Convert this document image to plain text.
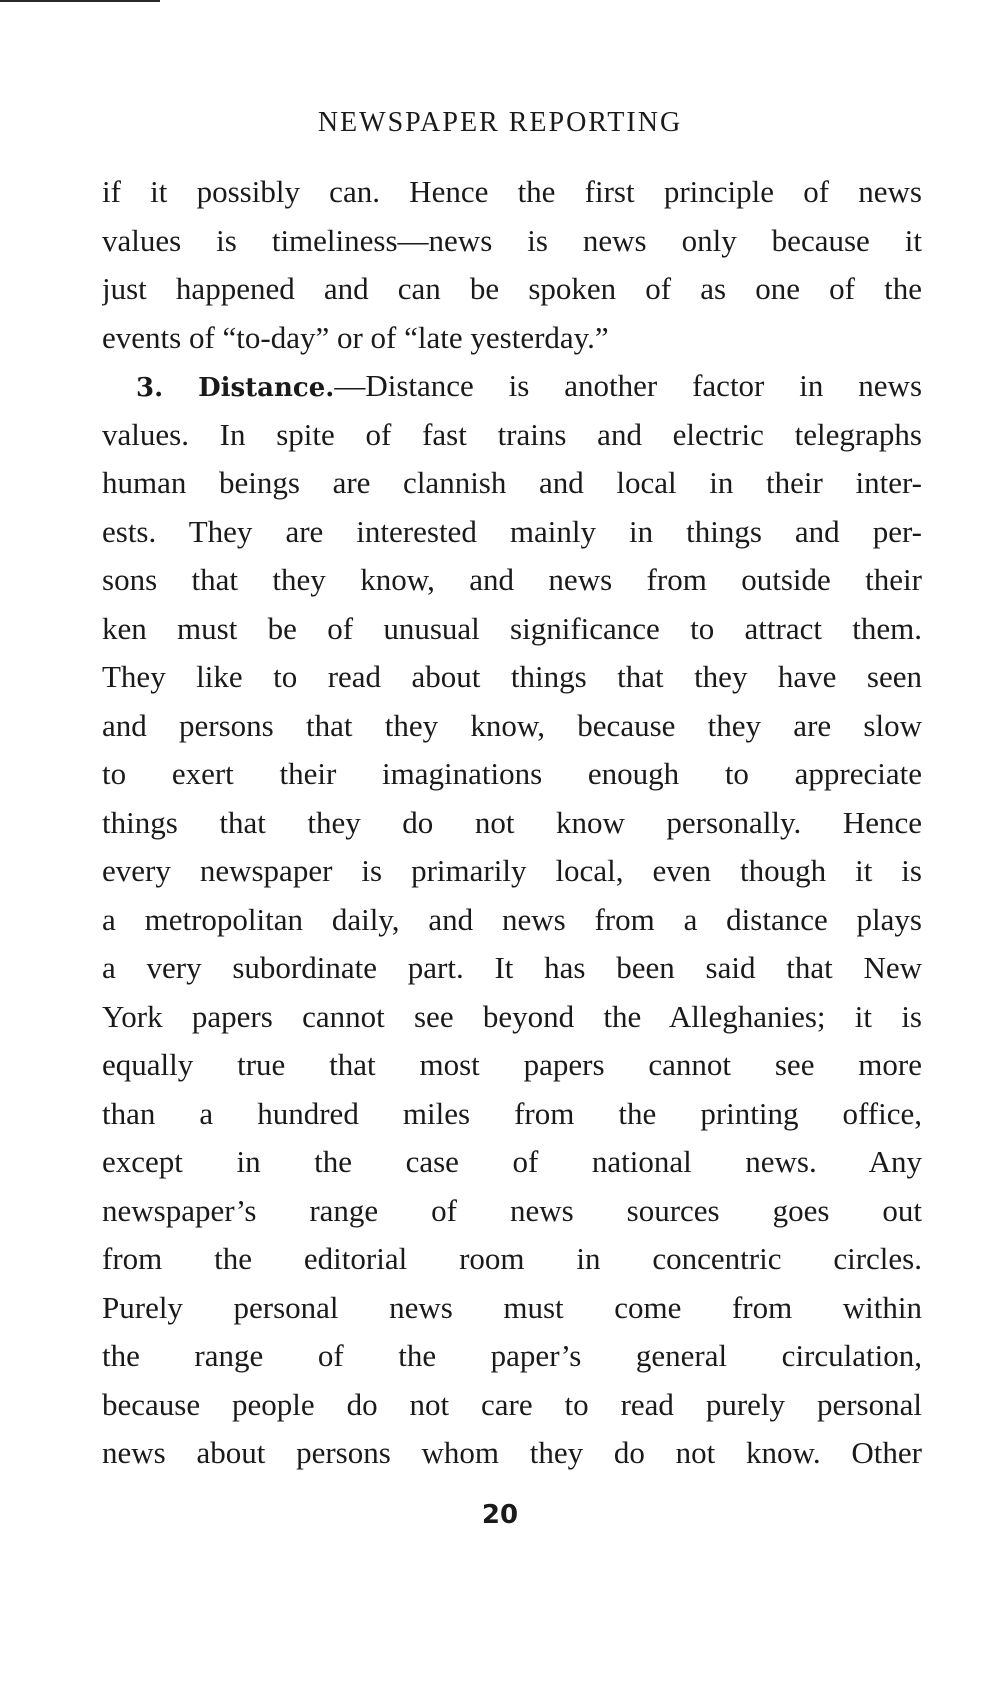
NEWSPAPER REPORTING
if it possibly can. Hence the first principle of news
values is timeliness—news is news only because it
just happened and can be spoken of as one of the
events of “to-day” or of “late yesterday.”
3. Distance.—Distance is another factor in news
values. In spite of fast trains and electric telegraphs
human beings are clannish and local in their inter-
ests. They are interested mainly in things and per-
sons that they know, and news from outside their
ken must be of unusual significance to attract them.
They like to read about things that they have seen
and persons that they know, because they are slow
to exert their imaginations enough to appreciate
things that they do not know personally. Hence
every newspaper is primarily local, even though it is
a metropolitan daily, and news from a distance plays
a very subordinate part. It has been said that New
York papers cannot see beyond the Alleghanies; it is
equally true that most papers cannot see more
than a hundred miles from the printing office,
except in the case of national news. Any
newspaper’s range of news sources goes out
from the editorial room in concentric circles.
Purely personal news must come from within
the range of the paper’s general circulation,
because people do not care to read purely personal
news about persons whom they do not know. Other
20
